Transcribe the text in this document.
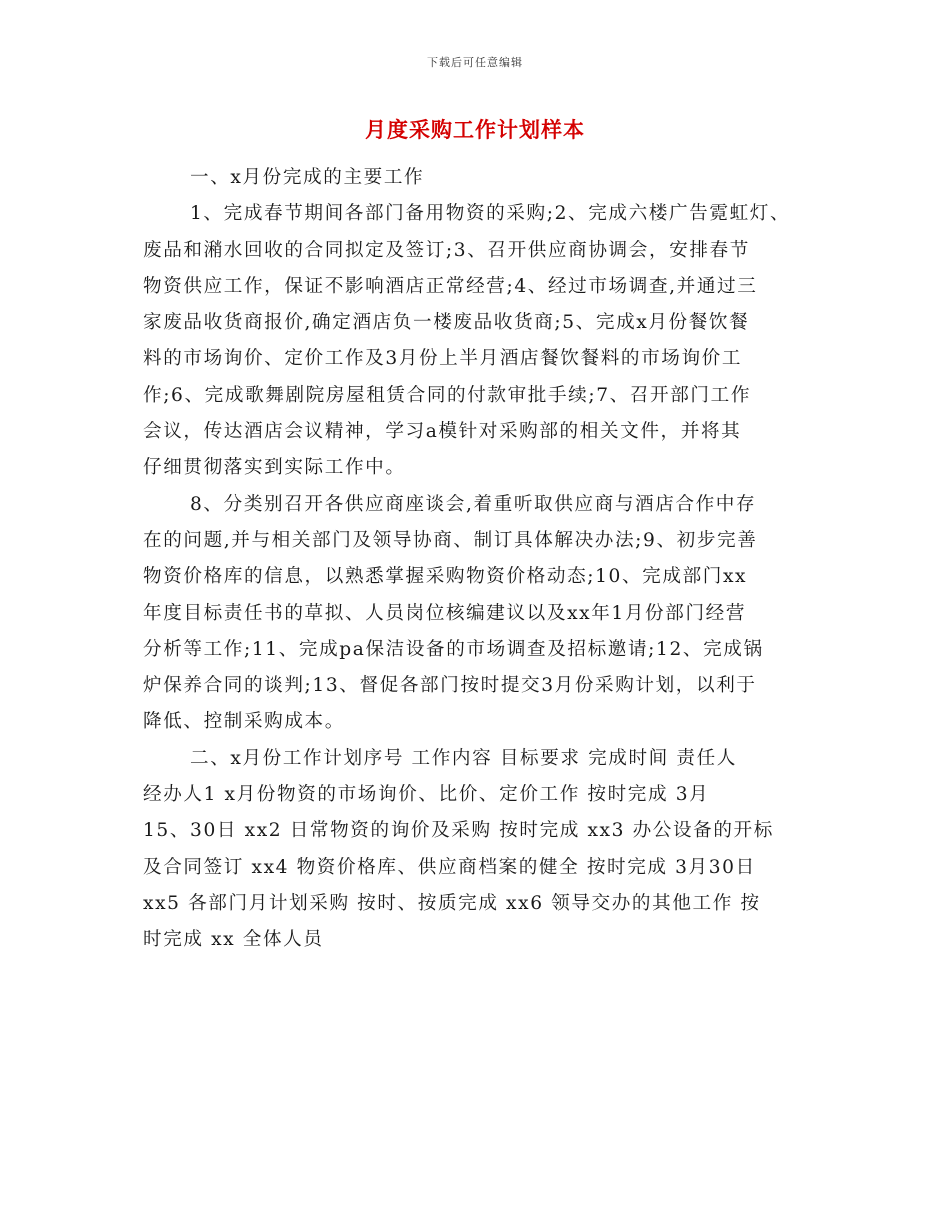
下载后可任意编辑
月度采购工作计划样本
一、x月份完成的主要工作
1、完成春节期间各部门备用物资的采购;2、完成六楼广告霓虹灯、
废品和潲水回收的合同拟定及签订;3、召开供应商协调会，安排春节
物资供应工作，保证不影响酒店正常经营;4、经过市场调查,并通过三
家废品收货商报价,确定酒店负一楼废品收货商;5、完成x月份餐饮餐
料的市场询价、定价工作及3月份上半月酒店餐饮餐料的市场询价工
作;6、完成歌舞剧院房屋租赁合同的付款审批手续;7、召开部门工作
会议，传达酒店会议精神，学习a模针对采购部的相关文件，并将其
仔细贯彻落实到实际工作中。
8、分类别召开各供应商座谈会,着重听取供应商与酒店合作中存
在的问题,并与相关部门及领导协商、制订具体解决办法;9、初步完善
物资价格库的信息，以熟悉掌握采购物资价格动态;10、完成部门xx
年度目标责任书的草拟、人员岗位核编建议以及xx年1月份部门经营
分析等工作;11、完成pa保洁设备的市场调查及招标邀请;12、完成锅
炉保养合同的谈判;13、督促各部门按时提交3月份采购计划，以利于
降低、控制采购成本。
二、x月份工作计划序号 工作内容 目标要求 完成时间 责任人
经办人1 x月份物资的市场询价、比价、定价工作 按时完成 3月
15、30日 xx2 日常物资的询价及采购 按时完成 xx3 办公设备的开标
及合同签订 xx4 物资价格库、供应商档案的健全 按时完成 3月30日
xx5 各部门月计划采购 按时、按质完成 xx6 领导交办的其他工作 按
时完成 xx 全体人员
